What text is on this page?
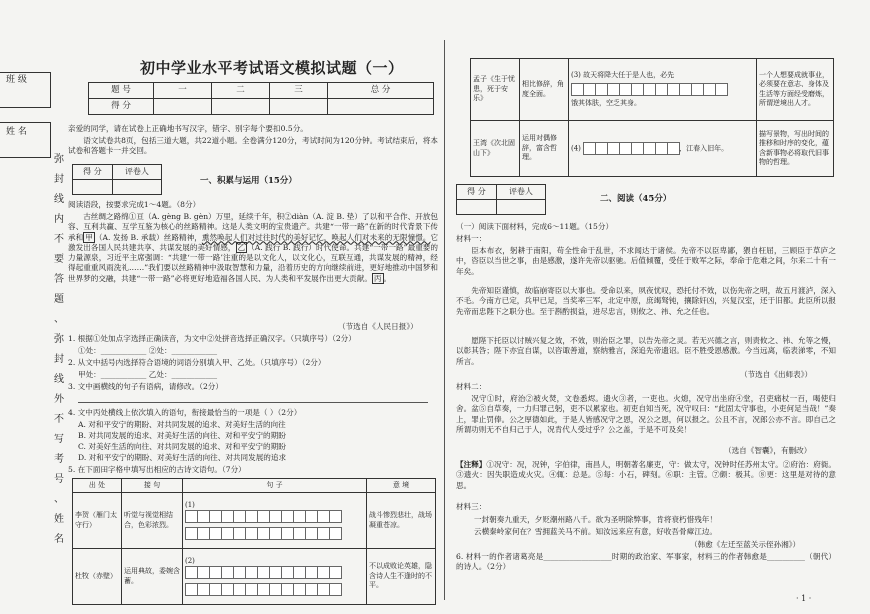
班 级
姓 名
弥
封
线
内
不
要
答
题
、
弥
封
线
外
不
写
考
号
、
姓
名
初中学业水平考试语文模拟试题（一）
题 号	一	二	三	总 分
得 分				
亲爱的同学，请在试卷上正确地书写汉字，错字、别字每个要扣0.5分。
语文试卷共8页，包括三道大题，共22道小题。全卷满分120分，考试时间为120分钟。考试结束后，将本试卷和答题卡一并交回。
得 分	评卷人

一、积累与运用（15分）
阅读语段，按要求完成1～4题。（8分）
古丝绸之路绵①亘（A. gèng B. gèn）万里，延续千年，积②diàn（A. 淀 B. 垫）了以和平合作、开放包容、互利共赢、互学互鉴为核心的丝路精神。这是人类文明的宝贵遗产。共建“一带一路”在新的时代背景下传承和 甲 （A. 发扬 B. 承载）丝路精神，熏然唤起人们对过往时代的美好记忆，唤起人们对未来的无限憧憬。它激发出各国人民共建共享、共谋发展的美好情感， 乙 （A. 践行 B. 践行）时代使命。共建“一带一路”最重要的力量源泉，习近平主席强调：“共建‘一带一路’注重的是以文化人，以文化心，互联互通，共谋发展的精神，经得起重重风雨洗礼……”我们要以丝路精神中汲取智慧和力量，沿着历史的方向继续前进，更好地推动中国梦和世界梦的交融，共建“一带一路”必将更好地造福各国人民、为人类和平发展作出更大贡献。 丙 。
（节选自《人民日报》）
1. 根据①处加点字选择正确读音，为文中②处拼音选择正确汉字。（只填序号）（2分）
①处：____________ ②处：____________
2. 从文中括号内选择符合语境的词语分别填入甲、乙处。（只填序号）（2分）
甲处：____________ 乙处：____________
3. 文中画横线的句子有语病，请修改。（2分）
4. 文中丙处横线上依次填入的语句，衔接最恰当的一项是（ ）（2分）
A. 对和平安宁的期盼、对共同发展的追求、对美好生活的向往
B. 对共同发展的追求、对美好生活的向往、对和平安宁的期盼
C. 对美好生活的向往、对共同发展的追求、对和平安宁的期盼
D. 对和平安宁的期盼、对美好生活的向往、对共同发展的追求
5. 在下面田字格中填写出相应的古诗文语句。（7分）
出 处	接 句	句 子	意 境
李贺（雁门太守行）	听觉与视觉相结合，色彩浓烈。	(1)	战斗惨烈悲壮，战场凝重苍凉。
杜牧（赤壁）	运用典故，委婉含蓄。	(2)	不以成败论英雄，隐含诗人生不逢时的不平。
孟子《生于忧患，死于安乐》	相比修辞，角度全面。	(3) 故天将降大任于是人也，必先
饿其体肤，空乏其身。	一个人想要成就事业，必须要在意志、身体及生活等方面经受磨炼，所谓逆境出人才。
王湾《次北固山下》	运用对偶修辞，富含哲理。	(4) ，江春入旧年。	描写景物，写出时间的推移和时序的变化，蕴含新事物必将取代旧事物的哲理。
得 分	评卷人

二、阅读（45分）
（一）阅读下面材料，完成6～11题。（15分）
材料一：
臣本布衣，躬耕于南阳，苟全性命于乱世，不求闻达于诸侯。先帝不以臣卑鄙，猥自枉屈，三顾臣于草庐之中，咨臣以当世之事，由是感激，遂许先帝以驱驰。后值倾覆，受任于败军之际，奉命于危难之间，尔来二十有一年矣。
先帝知臣谨慎，故临崩寄臣以大事也。受命以来，夙夜忧叹，恐托付不效，以伤先帝之明，故五月渡泸，深入不毛。今南方已定，兵甲已足，当奖率三军，北定中原，庶竭驽钝，攘除奸凶，兴复汉室，还于旧都。此臣所以报先帝而忠陛下之职分也。至于斟酌损益，进尽忠言，则攸之、祎、允之任也。
愿陛下托臣以讨贼兴复之效，不效，则治臣之罪，以告先帝之灵。若无兴德之言，则责攸之、祎、允等之慢，以彰其咎；陛下亦宜自谋，以咨诹善道，察纳雅言，深追先帝遗诏。臣不胜受恩感激。今当远离，临表涕零，不知所言。
（节选自《出师表》）
材料二：
况守①时，府治②被火焚，文卷悉烬。遗火③者，一吏也。火熄，况守出坐府④堂，召吏痛杖一百，喝使归舍。盆⑤自草奏，一力归罪己躬，吏不以累家也。初吏自知当死，况守叹曰：“此固太守事也，小吏何足当哉！”奏上，罪止罚俸。公之厚德如此，于是人皆感况守之恩，况公之恩，何以报之。公且不言，况郎公亦不言。即自己之所谓功则无不自归己于人，况肯代人受过乎？公之盖，于是不可及矣！
（选自《智囊》，有删改）
【注释】①况守：况，况钟，字伯律，南昌人，明朝著名廉吏，守：做太守，况钟时任苏州太守。②府治：府衙。③遗火：因失职造成火灾。④辄：总是。⑤每：小石，碑刻。⑥职：主管。⑦颇：极其。⑧更：这里是对待的意思。
材料三：
一封朝奏九重天，夕贬潮州路八千。欲为圣明除弊事，肯将衰朽惜残年！
云横秦岭家何在？雪拥蓝关马不前。知汝远来应有意，好收吾骨瘴江边。
（韩愈《左迁至蓝关示侄孙湘》）
6. 材料一的作者诸葛亮是__________________时期的政治家、军事家，材料三的作者韩愈是__________（朝代）的诗人。（2分）
· 1 ·
